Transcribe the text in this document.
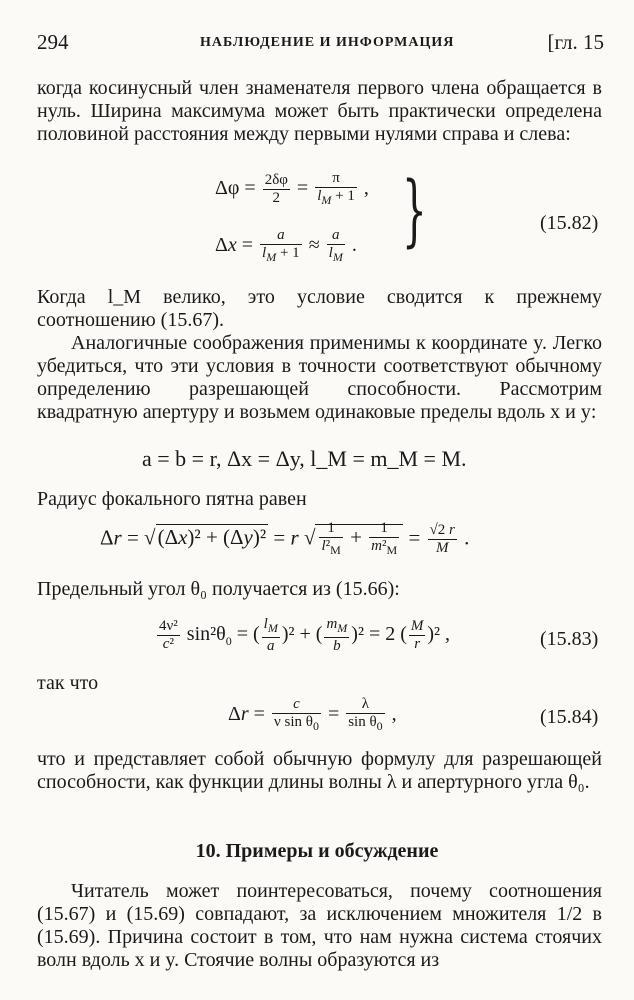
294	НАБЛЮДЕНИЕ И ИНФОРМАЦИЯ	[гл. 15
когда косинусный член знаменателя первого члена обращается в нуль. Ширина максимума может быть практически определена половиной расстояния между первыми нулями справа и слева:
$\Delta\varphi = \frac{2\delta\varphi}{2} = \frac{\pi}{l_M + 1}$ ,
$\Delta x = \frac{a}{l_M + 1} \approx \frac{a}{l_M}$ . }	(15.82)
Когда l_M велико, это условие сводится к прежнему соотношению (15.67).
Аналогичные соображения применимы к координате y. Легко убедиться, что эти условия в точности соответствуют обычному определению разрешающей способности. Рассмотрим квадратную апертуру и возьмем одинаковые пределы вдоль x и y:
a = b = r, Δx = Δy, l_M = m_M = M.
Радиус фокального пятна равен
Δr = √(Δx)² + (Δy)² = r √ $\frac{1}{l^2_M} + \frac{1}{m^2_M} = \frac{√2 r}{M}$ .
Предельный угол θ₀ получается из (15.66):
$\frac{\text{4ν²}}{\text{c²}} \sin^2\theta_0$ = ( $\frac{l_M}{a} )^2$ + ( $\frac{m_M}{b} )^2 = 2$ ( $\frac{M}{r} )^2$ ,	(15.83)
так что
$\Delta r = \frac{c}{\nu \sin \theta_0} = \frac{\lambda}{\sin \theta_0}$ ,	(15.84)
что и представляет собой обычную формулу для разрешающей способности, как функции длины волны λ и апертурного угла θ₀.
10. Примеры и обсуждение
Читатель может поинтересоваться, почему соотношения (15.67) и (15.69) совпадают, за исключением множителя 1/2 в (15.69). Причина состоит в том, что нам нужна система стоячих волн вдоль x и y. Стоячие волны образуются из
